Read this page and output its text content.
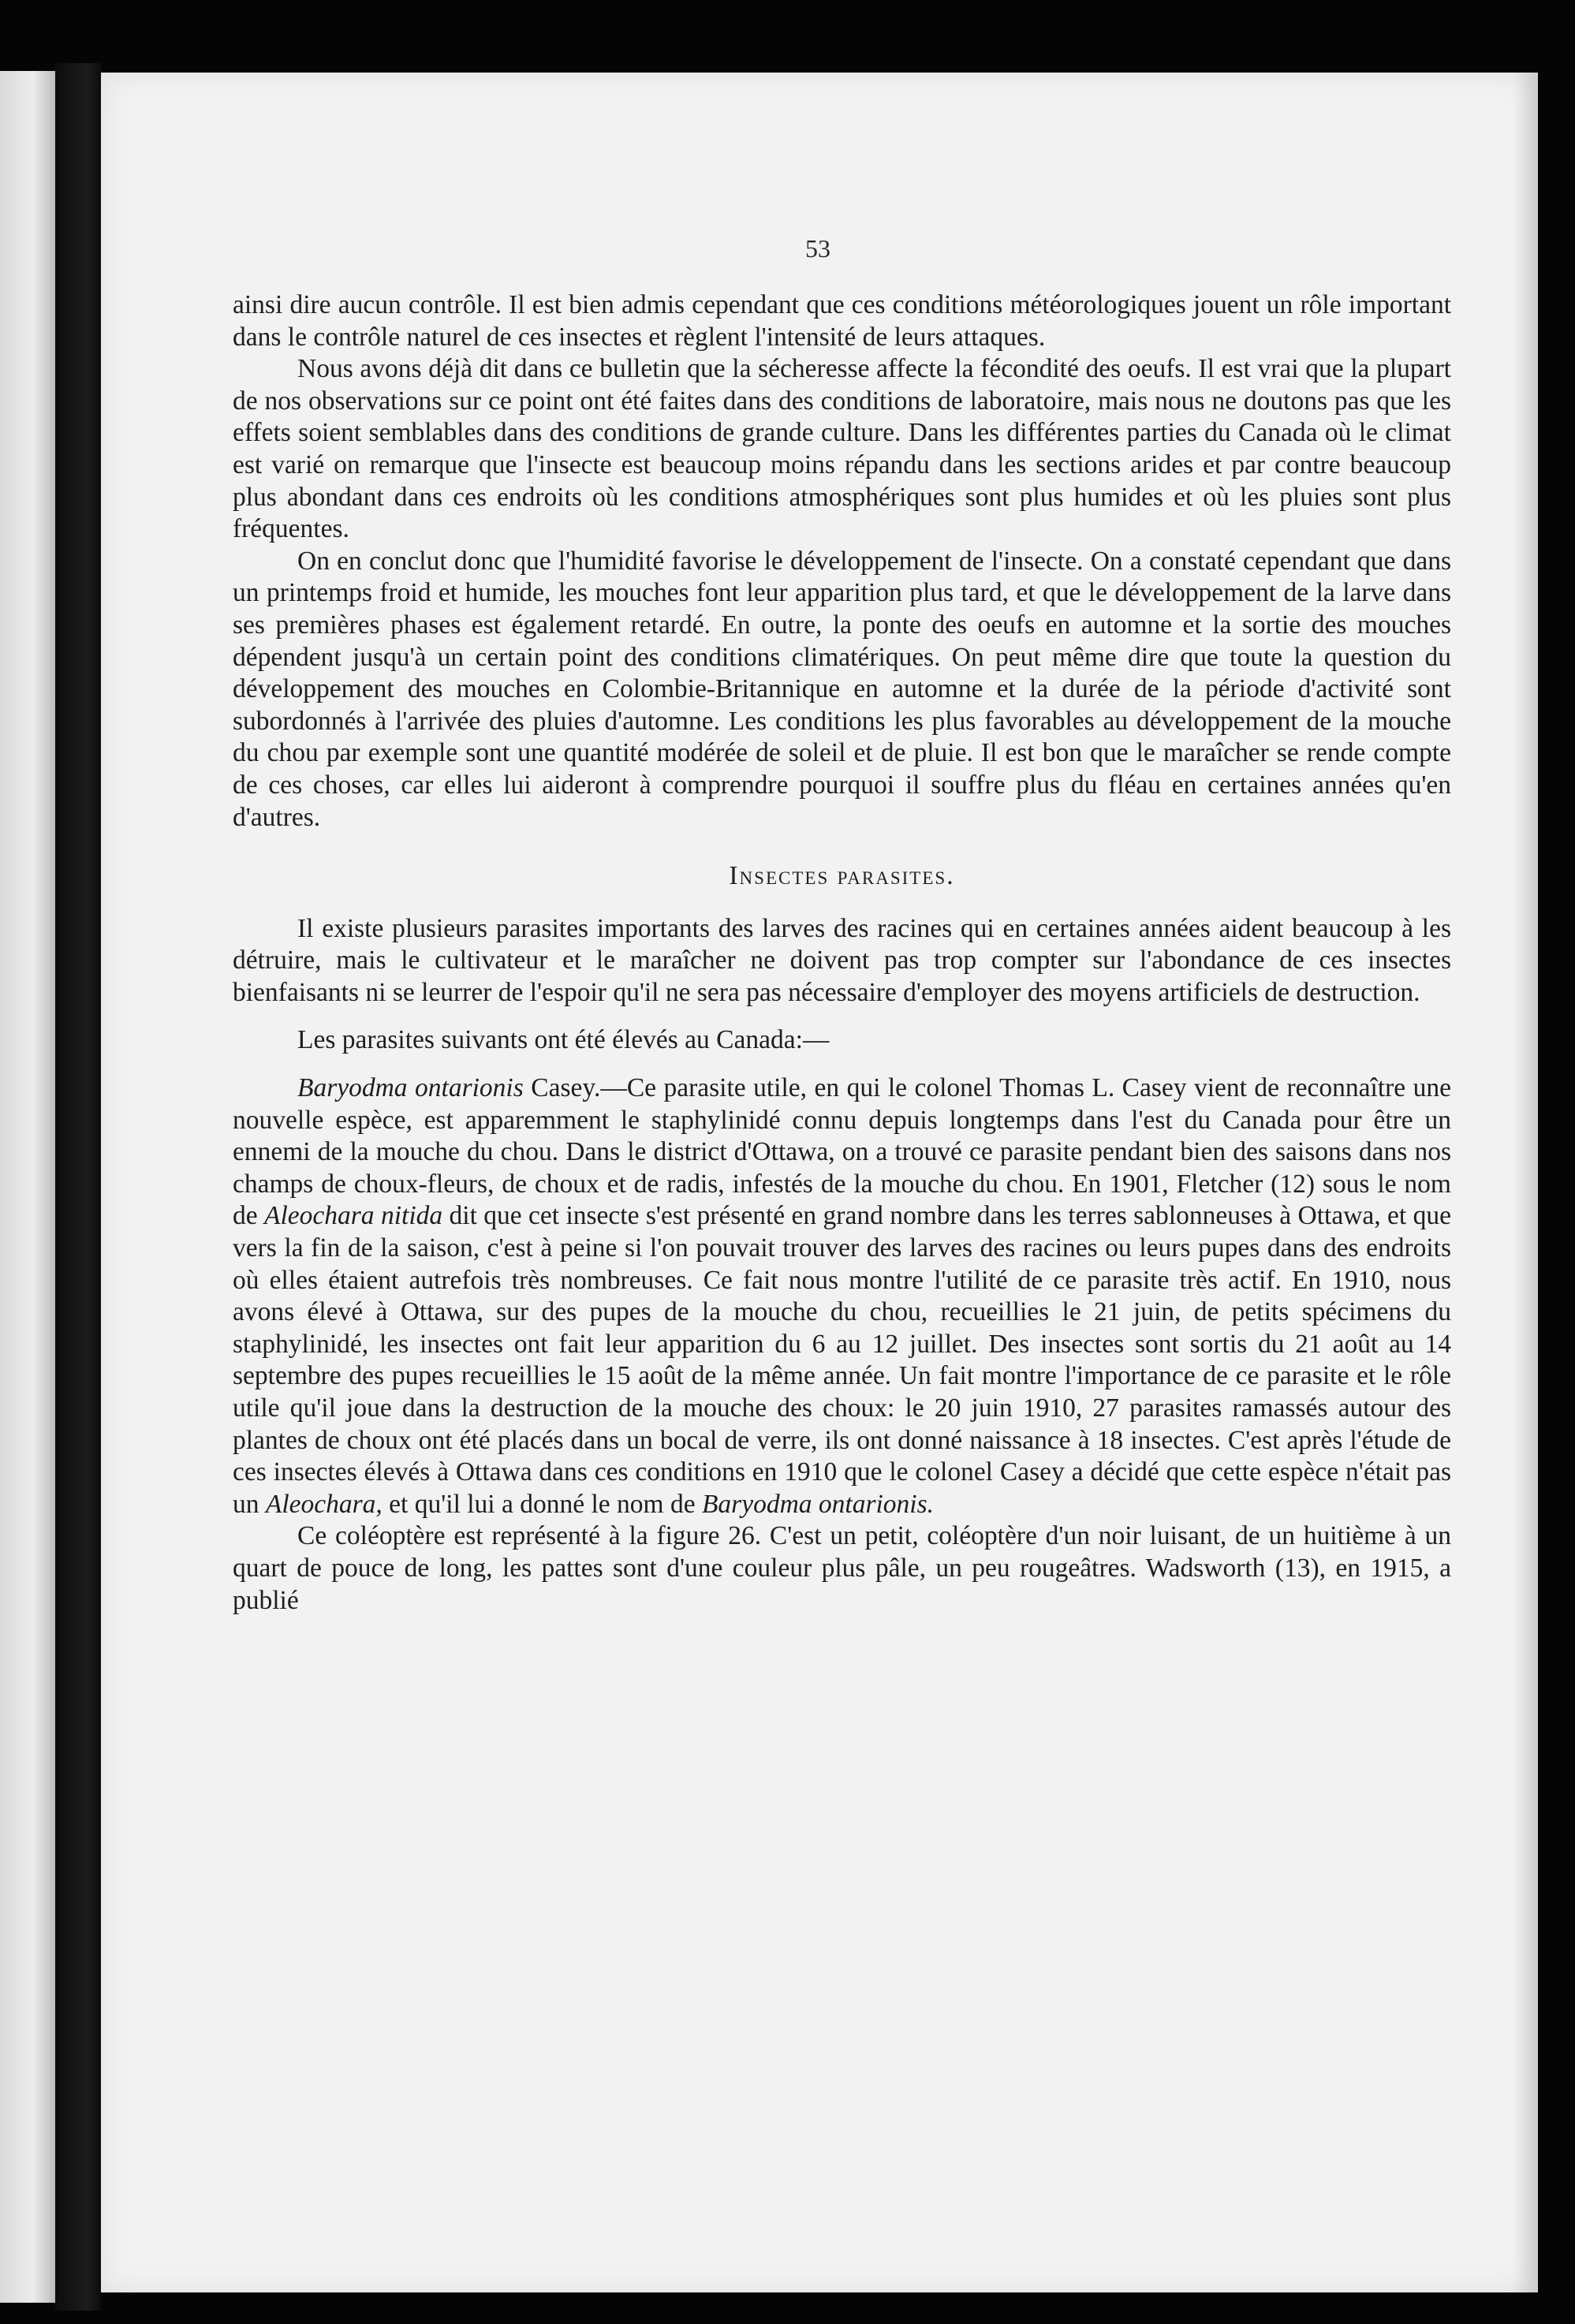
53

ainsi dire aucun contrôle. Il est bien admis cependant que ces conditions météorologiques jouent un rôle important dans le contrôle naturel de ces insectes et règlent l'intensité de leurs attaques.

Nous avons déjà dit dans ce bulletin que la sécheresse affecte la fécondité des oeufs. Il est vrai que la plupart de nos observations sur ce point ont été faites dans des conditions de laboratoire, mais nous ne doutons pas que les effets soient semblables dans des conditions de grande culture. Dans les différentes parties du Canada où le climat est varié on remarque que l'insecte est beaucoup moins répandu dans les sections arides et par contre beaucoup plus abondant dans ces endroits où les conditions atmosphériques sont plus humides et où les pluies sont plus fréquentes.

On en conclut donc que l'humidité favorise le développement de l'insecte. On a constaté cependant que dans un printemps froid et humide, les mouches font leur apparition plus tard, et que le développement de la larve dans ses premières phases est également retardé. En outre, la ponte des oeufs en automne et la sortie des mouches dépendent jusqu'à un certain point des conditions climatériques. On peut même dire que toute la question du développement des mouches en Colombie-Britannique en automne et la durée de la période d'activité sont subordonnés à l'arrivée des pluies d'automne. Les conditions les plus favorables au développement de la mouche du chou par exemple sont une quantité modérée de soleil et de pluie. Il est bon que le maraîcher se rende compte de ces choses, car elles lui aideront à comprendre pourquoi il souffre plus du fléau en certaines années qu'en d'autres.

Insectes parasites.

Il existe plusieurs parasites importants des larves des racines qui en certaines années aident beaucoup à les détruire, mais le cultivateur et le maraîcher ne doivent pas trop compter sur l'abondance de ces insectes bienfaisants ni se leurrer de l'espoir qu'il ne sera pas nécessaire d'employer des moyens artificiels de destruction.

Les parasites suivants ont été élevés au Canada:—

Baryodma ontarionis Casey.—Ce parasite utile, en qui le colonel Thomas L. Casey vient de reconnaître une nouvelle espèce, est apparemment le staphylinidé connu depuis longtemps dans l'est du Canada pour être un ennemi de la mouche du chou. Dans le district d'Ottawa, on a trouvé ce parasite pendant bien des saisons dans nos champs de choux-fleurs, de choux et de radis, infestés de la mouche du chou. En 1901, Fletcher (12) sous le nom de Aleochara nitida dit que cet insecte s'est présenté en grand nombre dans les terres sablonneuses à Ottawa, et que vers la fin de la saison, c'est à peine si l'on pouvait trouver des larves des racines ou leurs pupes dans des endroits où elles étaient autrefois très nombreuses. Ce fait nous montre l'utilité de ce parasite très actif. En 1910, nous avons élevé à Ottawa, sur des pupes de la mouche du chou, recueillies le 21 juin, de petits spécimens du staphylinidé, les insectes ont fait leur apparition du 6 au 12 juillet. Des insectes sont sortis du 21 août au 14 septembre des pupes recueillies le 15 août de la même année. Un fait montre l'importance de ce parasite et le rôle utile qu'il joue dans la destruction de la mouche des choux: le 20 juin 1910, 27 parasites ramassés autour des plantes de choux ont été placés dans un bocal de verre, ils ont donné naissance à 18 insectes. C'est après l'étude de ces insectes élevés à Ottawa dans ces conditions en 1910 que le colonel Casey a décidé que cette espèce n'était pas un Aleochara, et qu'il lui a donné le nom de Baryodma ontarionis.

Ce coléoptère est représenté à la figure 26. C'est un petit, coléoptère d'un noir luisant, de un huitième à un quart de pouce de long, les pattes sont d'une couleur plus pâle, un peu rougeâtres. Wadsworth (13), en 1915, a publié
